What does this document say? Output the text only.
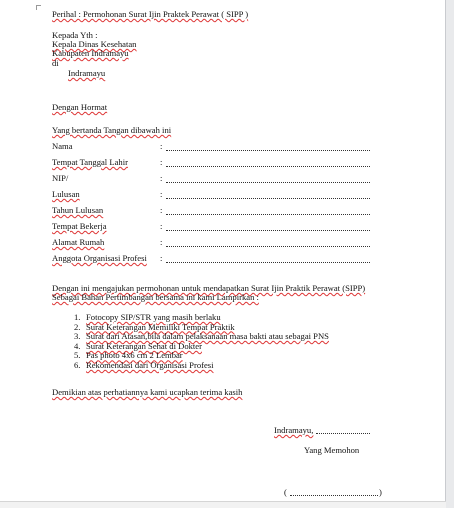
Perihal : Permohonan Surat Ijin Praktek Perawat ( SIPP )
Kepada Yth :
Kepala Dinas Kesehatan
Kabupaten Indramayu
di
Indramayu
Dengan Hormat
Yang bertanda Tangan dibawah ini
Nama	:
Tempat Tanggal Lahir	:
NIP/	:
Lulusan	:
Tahun Lulusan	:
Tempat Bekerja	:
Alamat Rumah	:
Anggota Organisasi Profesi :
Dengan ini mengajukan permohonan untuk mendapatkan Surat Ijin Praktik Perawat (SIPP)
Sebagai Bahan Pertimbangan bersama ini kami Lampirkan :
1. Fotocopy SIP/STR yang masih berlaku
2. Surat Keterangan Memiliki Tempat Praktik
3. Surat dari Atasan,bila dalam pelaksanaan masa bakti atau sebagai PNS
4. Surat Keterangan Sehat di Dokter
5. Pas photo 4x6 cm 2 Lembar
6. Rekomendasi dari Organisasi Profesi
Demikian atas perhatiannya kami ucapkan terima kasih
Indramayu,
Yang Memohon
(	)
